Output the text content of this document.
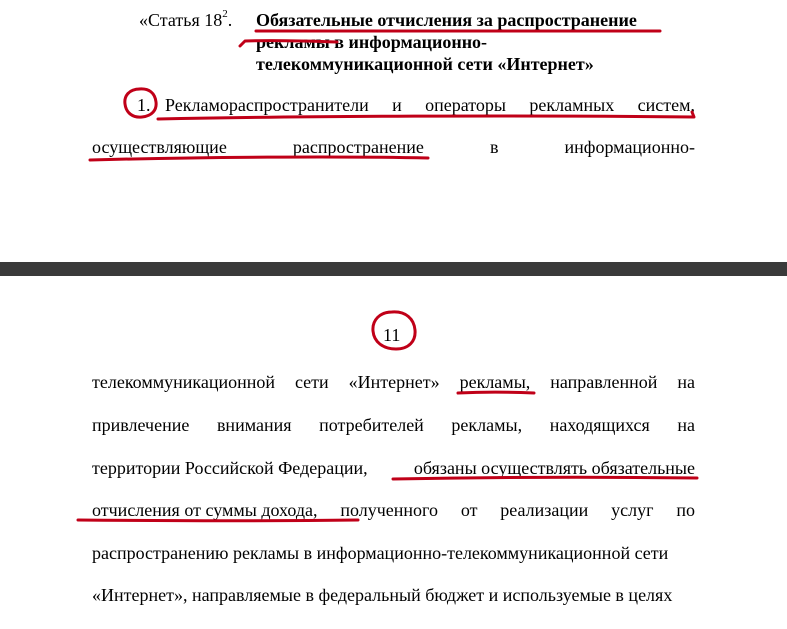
«Статья $18^2$. Обязательные отчисления за распространение
рекламы в информационно-
телекоммуникационной сети «Интернет»
1. Рекламораспространители и операторы рекламных систем,
осуществляющие	распространение	в	информационно-
11
телекоммуникационной сети «Интернет» рекламы, направленной на
привлечение внимания потребителей рекламы, находящихся на
территории Российской Федерации,	обязаны осуществлять обязательные
отчисления от суммы дохода, полученного от реализации услуг по
распространению рекламы в информационно-телекоммуникационной сети
«Интернет», направляемые в федеральный бюджет и используемые в целях
